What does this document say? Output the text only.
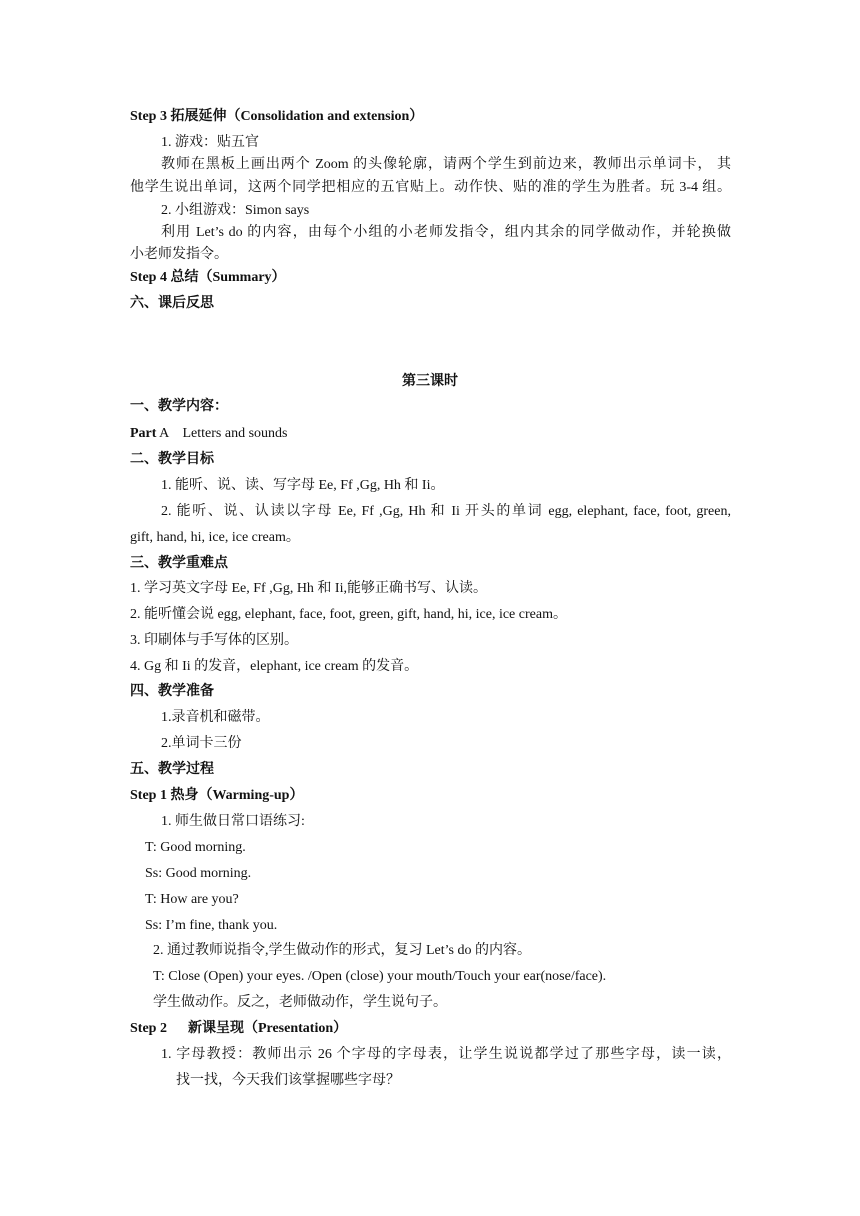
Step 3 拓展延伸（Consolidation and extension）
1. 游戏：贴五官
教师在黑板上画出两个 Zoom 的头像轮廓，请两个学生到前边来，教师出示单词卡， 其
他学生说出单词，这两个同学把相应的五官贴上。动作快、贴的准的学生为胜者。玩 3-4 组。
2. 小组游戏：Simon says
利用 Let’s do 的内容，由每个小组的小老师发指令，组内其余的同学做动作，并轮换做
小老师发指令。
Step 4 总结（Summary）
六、课后反思
第三课时
一、教学内容：
Part A    Letters and sounds
二、教学目标
1. 能听、说、读、写字母 Ee, Ff ,Gg, Hh 和 Ii。
2. 能听、说、认读以字母 Ee, Ff ,Gg, Hh 和 Ii 开头的单词 egg, elephant, face, foot, green,
gift, hand, hi, ice, ice cream。
三、教学重难点
1. 学习英文字母 Ee, Ff ,Gg, Hh 和 Ii,能够正确书写、认读。
2. 能听懂会说 egg, elephant, face, foot, green, gift, hand, hi, ice, ice cream。
3. 印刷体与手写体的区别。
4. Gg 和 Ii 的发音，elephant, ice cream 的发音。
四、教学准备
1.录音机和磁带。
2.单词卡三份
五、教学过程
Step 1 热身（Warming-up）
1. 师生做日常口语练习:
T: Good morning.
Ss: Good morning.
T: How are you?
Ss: I’m fine, thank you.
2. 通过教师说指令,学生做动作的形式，复习 Let’s do 的内容。
T: Close (Open) your eyes. /Open (close) your mouth/Touch your ear(nose/face).
学生做动作。反之，老师做动作，学生说句子。
Step 2      新课呈现（Presentation）
1. 字母教授：教师出示 26 个字母的字母表，让学生说说都学过了那些字母，读一读，
找一找，今天我们该掌握哪些字母？
